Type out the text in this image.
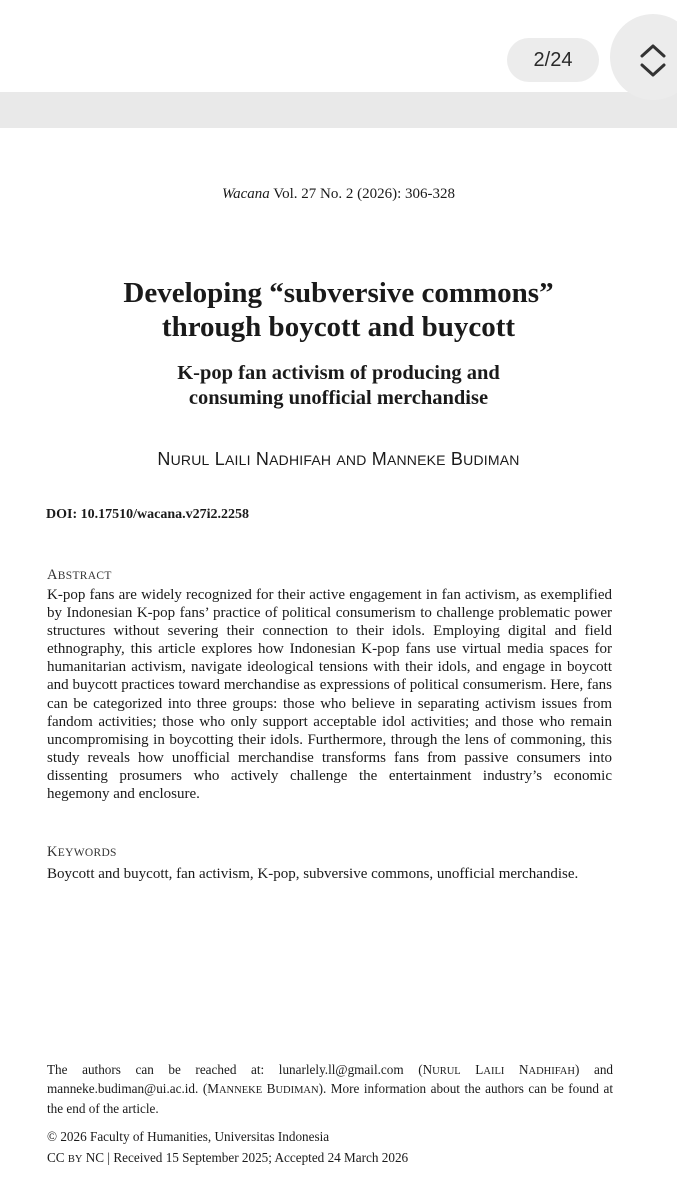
2/24
Wacana Vol. 27 No. 2 (2026): 306-328
Developing “subversive commons”
through boycott and buycott
K-pop fan activism of producing and
consuming unofficial merchandise
NURUL LAILI NADHIFAH AND MANNEKE BUDIMAN
DOI: 10.17510/wacana.v27i2.2258
ABSTRACT
K-pop fans are widely recognized for their active engagement in fan activism, as exemplified by Indonesian K-pop fans’ practice of political consumerism to challenge problematic power structures without severing their connection to their idols. Employing digital and field ethnography, this article explores how Indonesian K-pop fans use virtual media spaces for humanitarian activism, navigate ideological tensions with their idols, and engage in boycott and buycott practices toward merchandise as expressions of political consumerism. Here, fans can be categorized into three groups: those who believe in separating activism issues from fandom activities; those who only support acceptable idol activities; and those who remain uncompromising in boycotting their idols. Furthermore, through the lens of commoning, this study reveals how unofficial merchandise transforms fans from passive consumers into dissenting prosumers who actively challenge the entertainment industry’s economic hegemony and enclosure.
KEYWORDS
Boycott and buycott, fan activism, K-pop, subversive commons, unofficial merchandise.
The authors can be reached at: lunarlely.ll@gmail.com (NURUL LAILI NADHIFAH) and manneke.budiman@ui.ac.id. (MANNEKE BUDIMAN). More information about the authors can be found at the end of the article.
© 2026 Faculty of Humanities, Universitas Indonesia
CC BY NC | Received 15 September 2025; Accepted 24 March 2026
